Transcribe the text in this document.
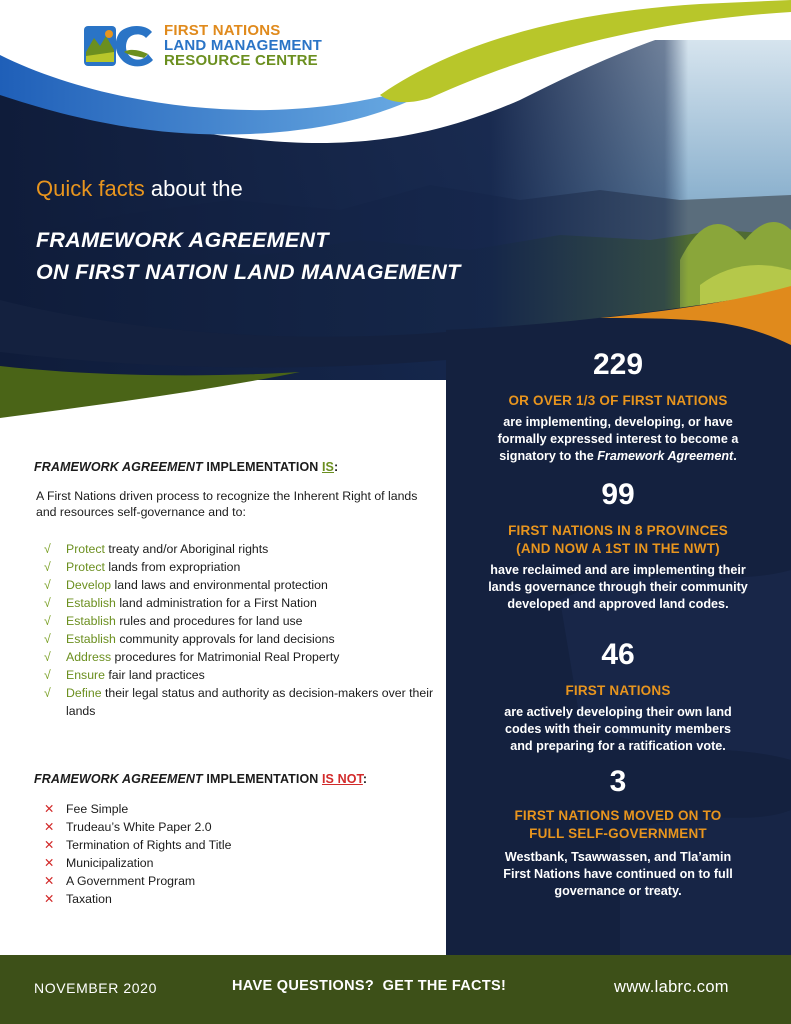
FIRST NATIONS
LAND MANAGEMENT
RESOURCE CENTRE
Quick facts about the
FRAMEWORK AGREEMENT
ON FIRST NATION LAND MANAGEMENT
FRAMEWORK AGREEMENT IMPLEMENTATION IS:
A First Nations driven process to recognize the Inherent Right of lands and resources self-governance and to:
√	Protect treaty and/or Aboriginal rights
√	Protect lands from expropriation
√	Develop land laws and environmental protection
√	Establish land administration for a First Nation
√	Establish rules and procedures for land use
√	Establish community approvals for land decisions
√	Address procedures for Matrimonial Real Property
√	Ensure fair land practices
√	Define their legal status and authority as decision-makers over their lands
FRAMEWORK AGREEMENT IMPLEMENTATION IS NOT:
✕ Fee Simple
✕ Trudeau’s White Paper 2.0
✕ Termination of Rights and Title
✕ Municipalization
✕ A Government Program
✕ Taxation
229
OR OVER 1/3 OF FIRST NATIONS
are implementing, developing, or have
formally expressed interest to become a
signatory to the Framework Agreement.
99
FIRST NATIONS IN 8 PROVINCES
(AND NOW A 1ST IN THE NWT)
have reclaimed and are implementing their
lands governance through their community
developed and approved land codes.
46
FIRST NATIONS
are actively developing their own land
codes with their community members
and preparing for a ratification vote.
3
FIRST NATIONS MOVED ON TO
FULL SELF-GOVERNMENT
Westbank, Tsawwassen, and Tla’amin
First Nations have continued on to full
governance or treaty.
NOVEMBER 2020	HAVE QUESTIONS?  GET THE FACTS!	www.labrc.com
